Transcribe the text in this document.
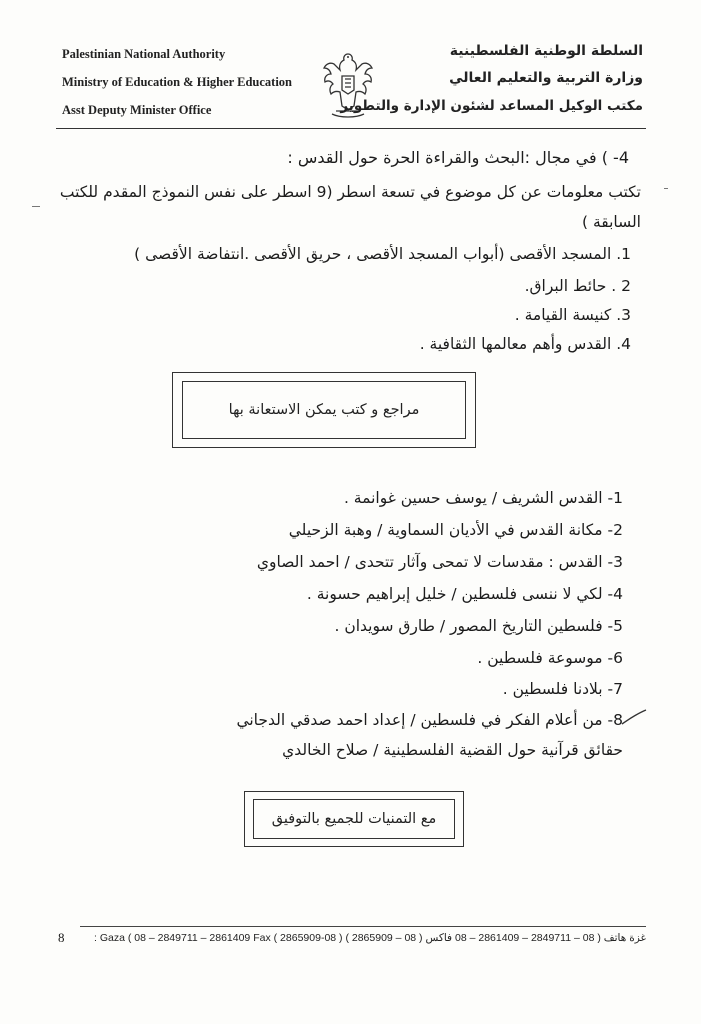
Palestinian National Authority
Ministry of Education & Higher Education
Asst Deputy Minister Office
السلطة الوطنية الفلسطينية
وزارة التربية والتعليم العالي
مكتب الوكيل المساعد لشئون الإدارة والتطوير
4- ) في مجال :البحث والقراءة الحرة حول القدس :
تكتب معلومات عن كل موضوع في تسعة اسطر (9 اسطر على نفس النموذج المقدم للكتب
السابقة )
1. المسجد الأقصى (أبواب المسجد الأقصى ، حريق الأقصى .انتفاضة الأقصى )
2 . حائط البراق.
3. كنيسة القيامة .
4. القدس وأهم معالمها الثقافية .
مراجع و كتب يمكن الاستعانة بها
1- القدس الشريف / يوسف حسين غوانمة .
2- مكانة القدس في الأديان السماوية / وهبة الزحيلي
3- القدس : مقدسات لا تمحى وآثار تتحدى / احمد الصاوي
4- لكي لا ننسى فلسطين / خليل إبراهيم حسونة .
5- فلسطين التاريخ المصور / طارق سويدان .
6- موسوعة فلسطين .
7- بلادنا فلسطين .
8- من أعلام الفكر في فلسطين / إعداد احمد صدقي الدجاني
حقائق قرآنية حول القضية الفلسطينية / صلاح الخالدي
مع التمنيات للجميع بالتوفيق
8	غزة هاتف ( 08 – 2849711 – 2861409 – 08 فاكس ( 08 – 2865909 ) ( 08-2865909 ) Gaza ( 08 – 2849711 – 2861409 Fax :
